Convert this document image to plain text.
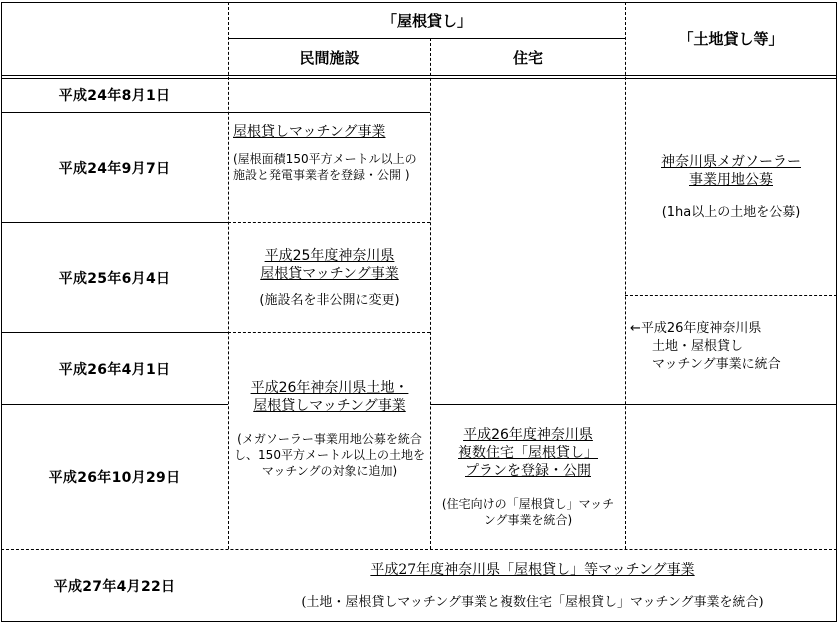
「屋根貸し」
民間施設	住宅
「土地貸し等」
平成24年8月1日
平成24年9月7日
平成25年6月4日
平成26年4月1日
平成26年10月29日
平成27年4月22日
屋根貸しマッチング事業
(屋根面積150平方メートル以上の施設と発電事業者を登録・公開 )
平成25年度神奈川県
屋根貸マッチング事業
(施設名を非公開に変更)
平成26年神奈川県土地・
屋根貸しマッチング事業
(メガソーラー事業用地公募を統合し、150平方メートル以上の土地をマッチングの対象に追加)
平成26年度神奈川県
複数住宅「屋根貸し」
プランを登録・公開
(住宅向けの「屋根貸し」マッチング事業を統合)
神奈川県メガソーラー
事業用地公募
(1ha以上の土地を公募)
←平成26年度神奈川県
土地・屋根貸し
マッチング事業に統合
平成27年度神奈川県「屋根貸し」等マッチング事業
(土地・屋根貸しマッチング事業と複数住宅「屋根貸し」マッチング事業を統合)
